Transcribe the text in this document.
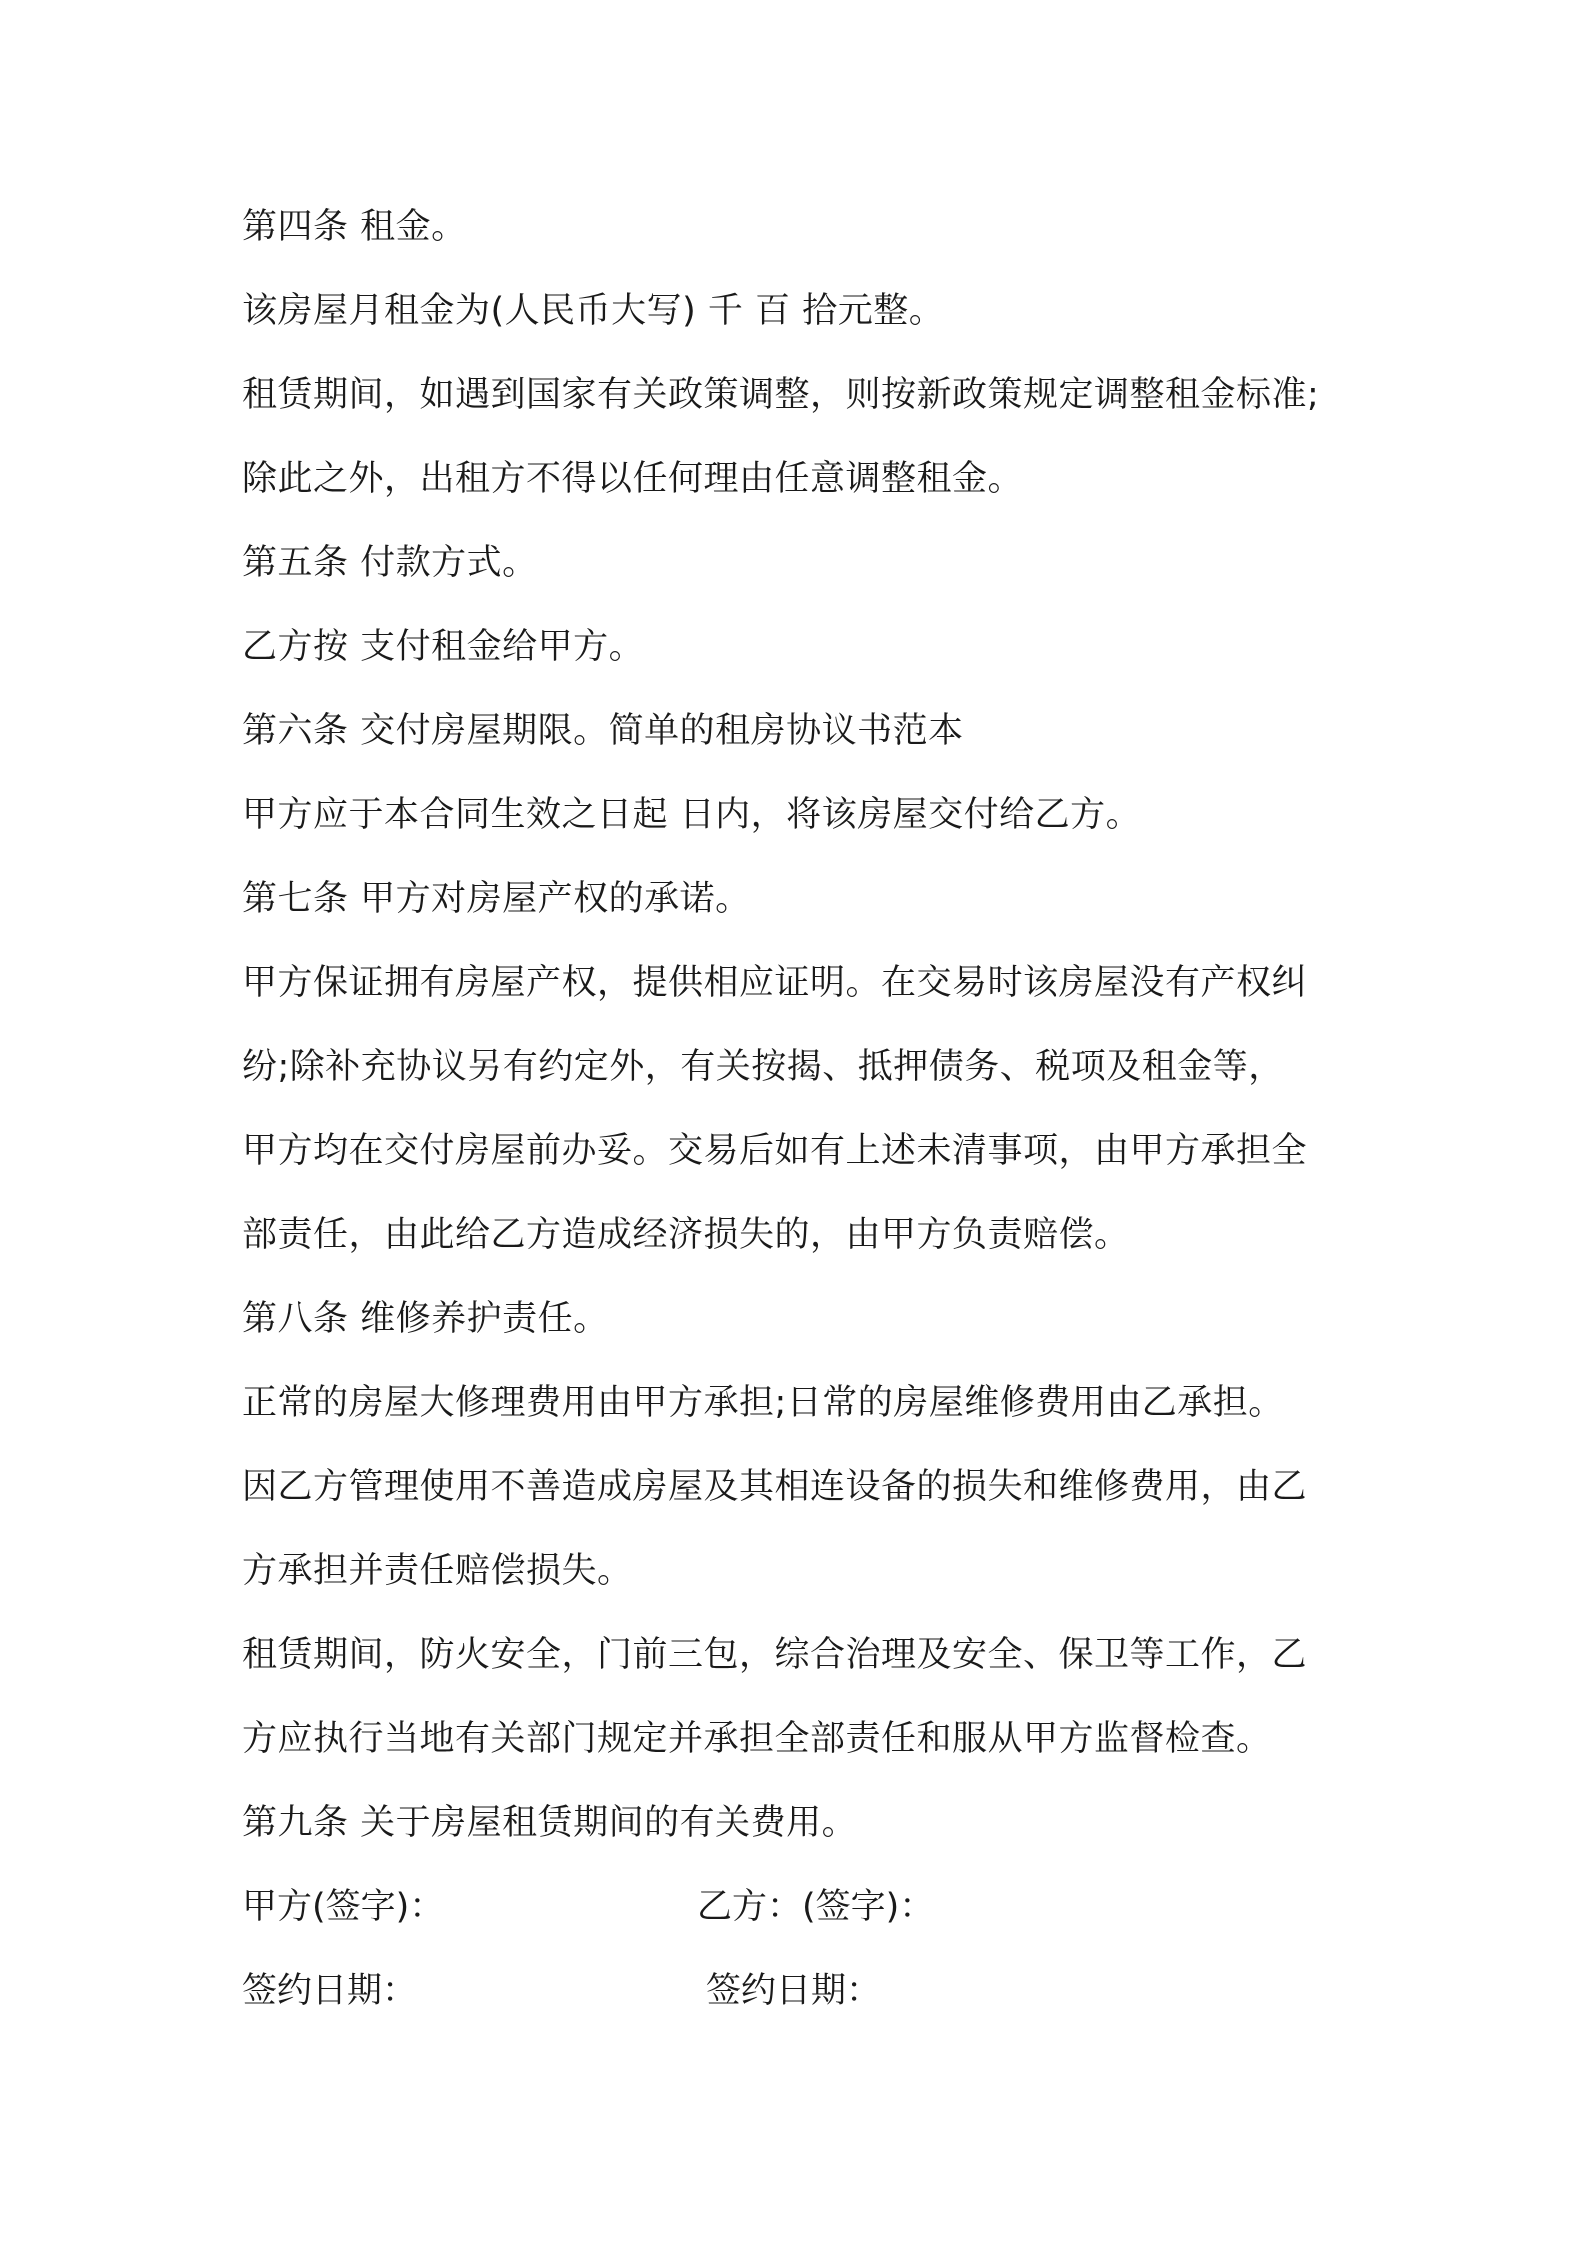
第四条 租金。
该房屋月租金为(人民币大写) 千 百 拾元整。
租赁期间，如遇到国家有关政策调整，则按新政策规定调整租金标准;
除此之外，出租方不得以任何理由任意调整租金。
第五条 付款方式。
乙方按 支付租金给甲方。
第六条 交付房屋期限。简单的租房协议书范本
甲方应于本合同生效之日起 日内，将该房屋交付给乙方。
第七条 甲方对房屋产权的承诺。
甲方保证拥有房屋产权，提供相应证明。在交易时该房屋没有产权纠
纷;除补充协议另有约定外，有关按揭、抵押债务、税项及租金等，
甲方均在交付房屋前办妥。交易后如有上述未清事项，由甲方承担全
部责任，由此给乙方造成经济损失的，由甲方负责赔偿。
第八条 维修养护责任。
正常的房屋大修理费用由甲方承担;日常的房屋维修费用由乙承担。
因乙方管理使用不善造成房屋及其相连设备的损失和维修费用，由乙
方承担并责任赔偿损失。
租赁期间，防火安全，门前三包，综合治理及安全、保卫等工作，乙
方应执行当地有关部门规定并承担全部责任和服从甲方监督检查。
第九条 关于房屋租赁期间的有关费用。
甲方(签字)：	乙方：(签字)：
签约日期：	签约日期：
